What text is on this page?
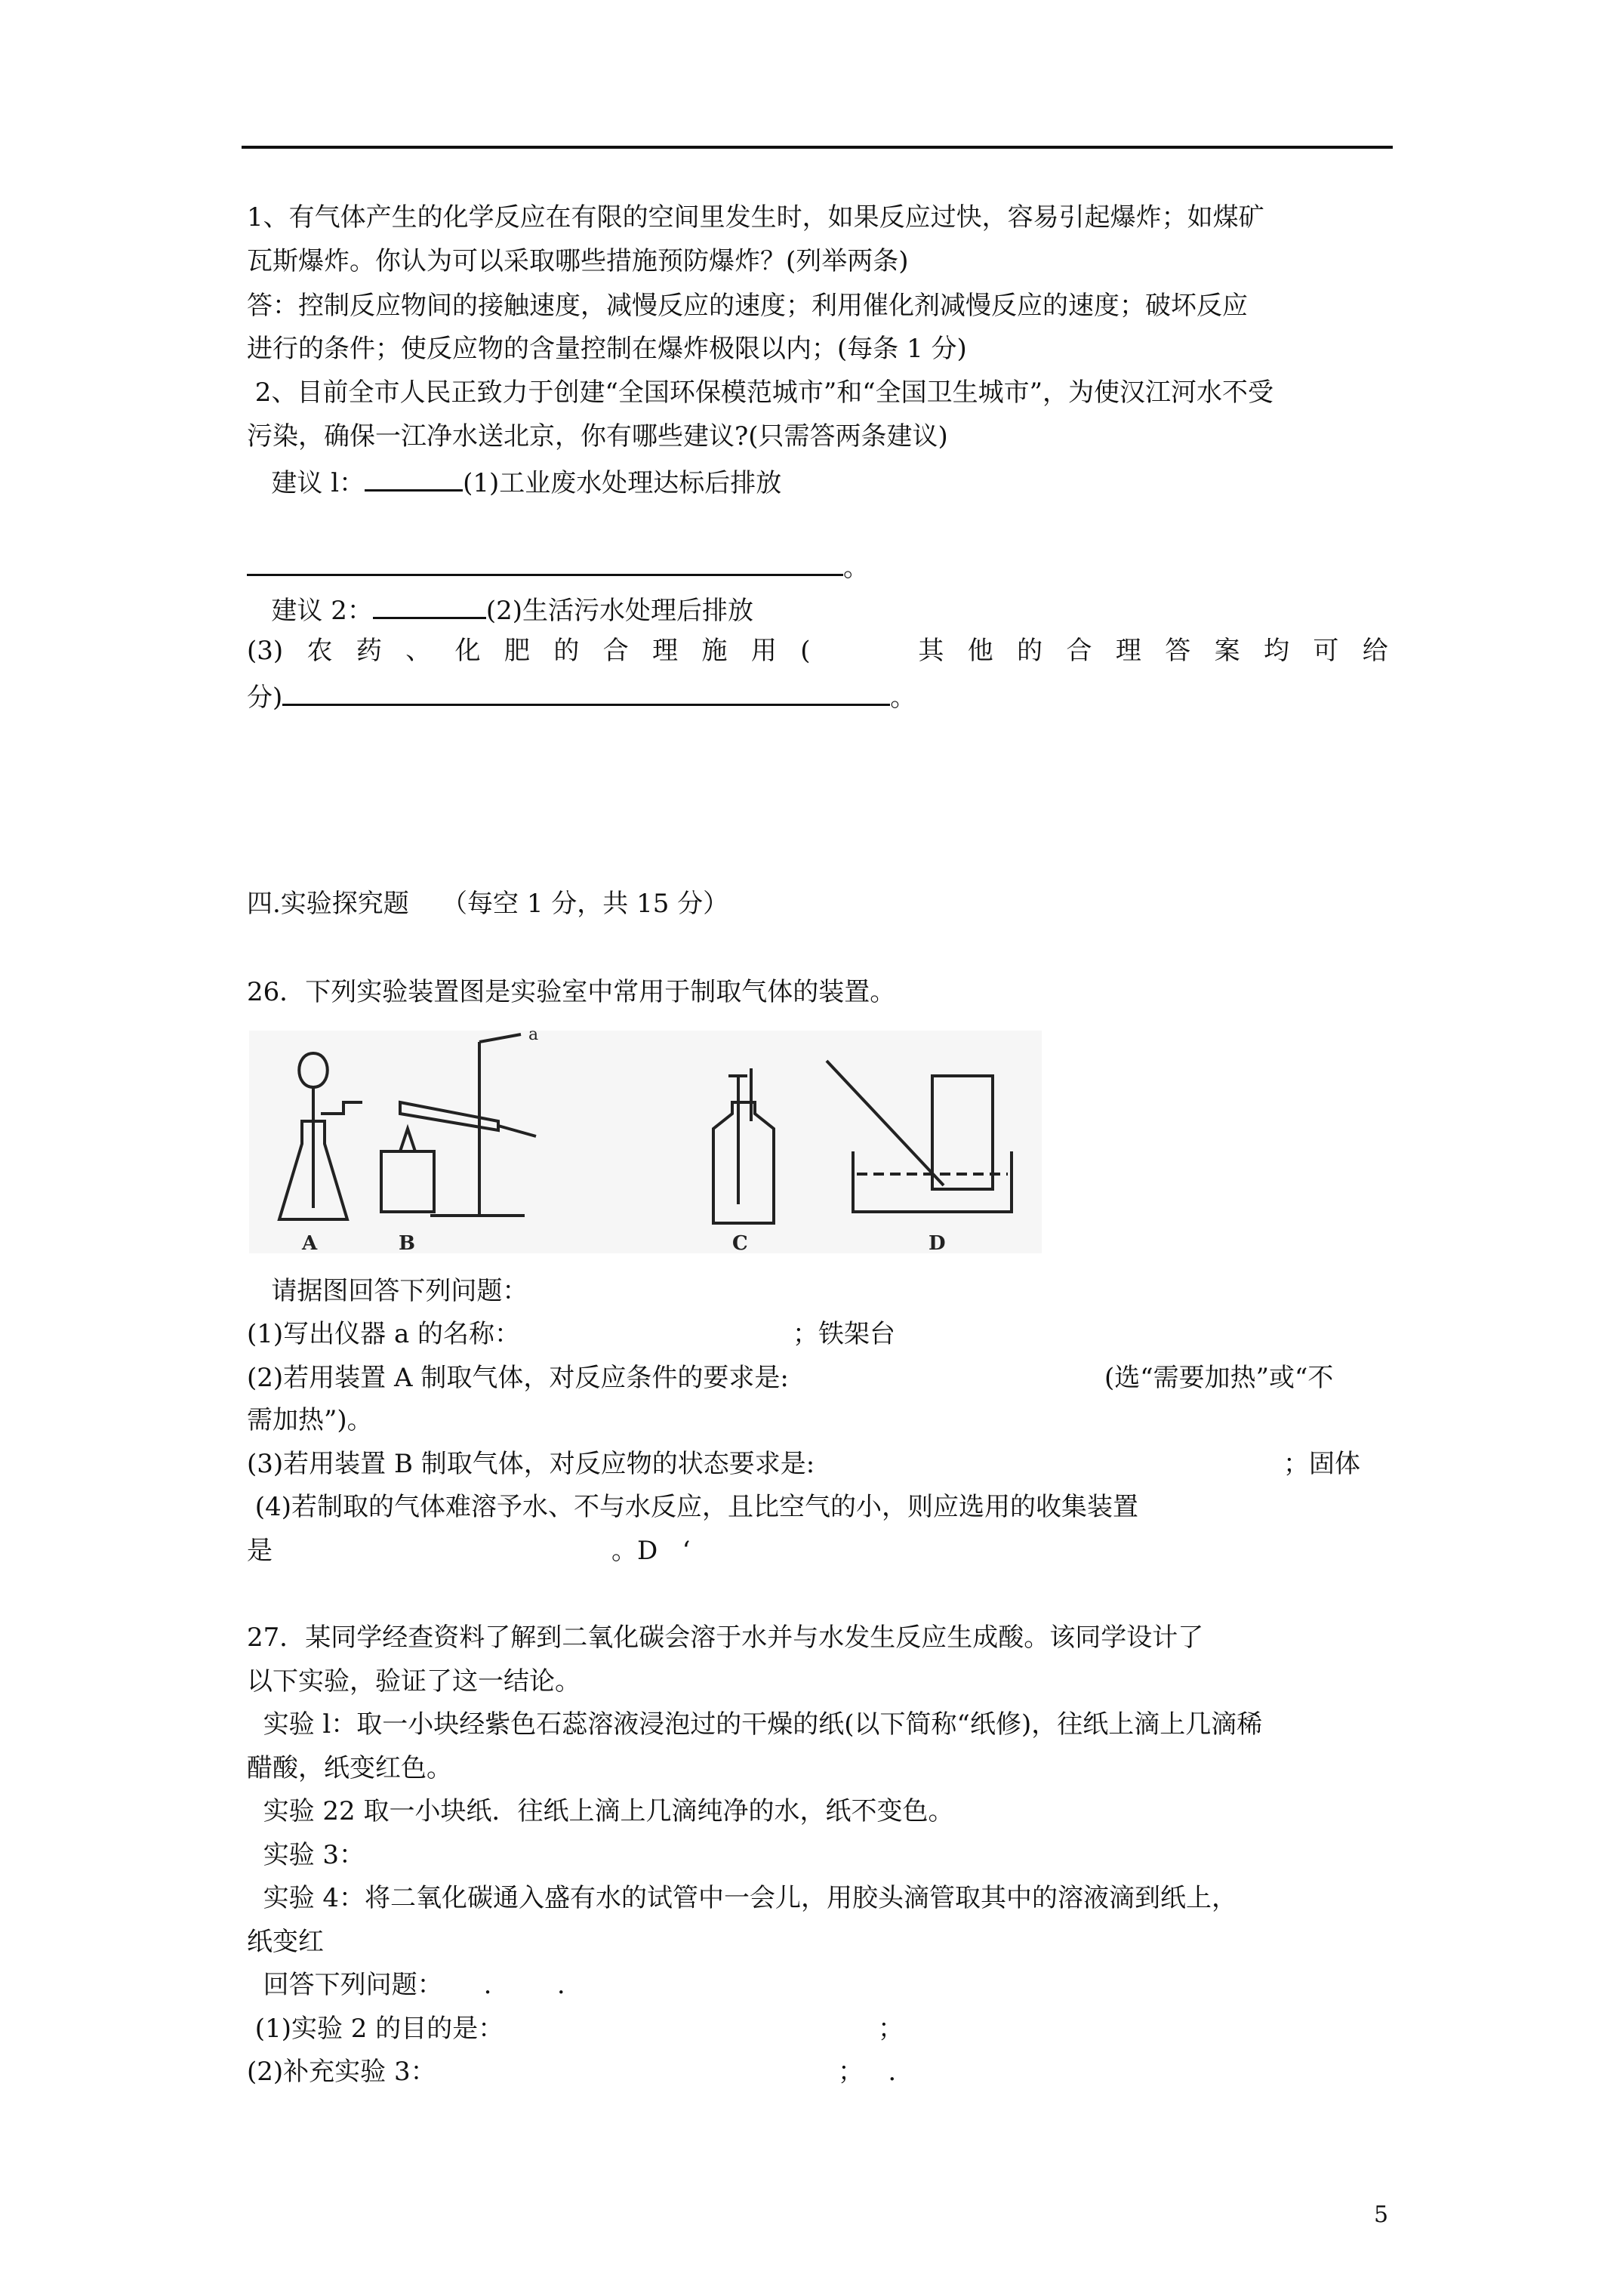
1、有气体产生的化学反应在有限的空间里发生时，如果反应过快，容易引起爆炸；如煤矿
瓦斯爆炸。你认为可以采取哪些措施预防爆炸？(列举两条)
答：控制反应物间的接触速度，减慢反应的速度；利用催化剂减慢反应的速度；破坏反应
进行的条件；使反应物的含量控制在爆炸极限以内；(每条 1 分)
2、目前全市人民正致力于创建“全国环保模范城市”和“全国卫生城市”，为使汉江河水不受
污染，确保一江净水送北京，你有哪些建议?(只需答两条建议)
建议 l：	(1)工业废水处理达标后排放
。
建议 2：	(2)生活污水处理后排放
(3) 农 药 、 化 肥 的 合 理 施 用 (	其 他 的 合 理 答 案 均 可 给
分)	。
四.实验探究题    （每空 1 分，共 15 分）
26．下列实验装置图是实验室中常用于制取气体的装置。
A
a
B	C	D
请据图回答下列问题：
(1)写出仪器 a 的名称：	；铁架台
(2)若用装置 A 制取气体，对反应条件的要求是:	(选“需要加热”或“不
需加热”)。
(3)若用装置 B 制取气体，对反应物的状态要求是:	；固体
(4)若制取的气体难溶予水、不与水反应，且比空气的小，则应选用的收集装置
是	。D   ‘
27．某同学经查资料了解到二氧化碳会溶于水并与水发生反应生成酸。该同学设计了
以下实验，验证了这一结论。
实验 l：取一小块经紫色石蕊溶液浸泡过的干燥的纸(以下简称“纸修)，往纸上滴上几滴稀
醋酸，纸变红色。
实验 22 取一小块纸．往纸上滴上几滴纯净的水，纸不变色。
实验 3：
实验 4：将二氧化碳通入盛有水的试管中一会儿，用胶头滴管取其中的溶液滴到纸上，
纸变红
回答下列问题：     .        .
(1)实验 2 的目的是：	；
(2)补充实验 3：	；   .
5
